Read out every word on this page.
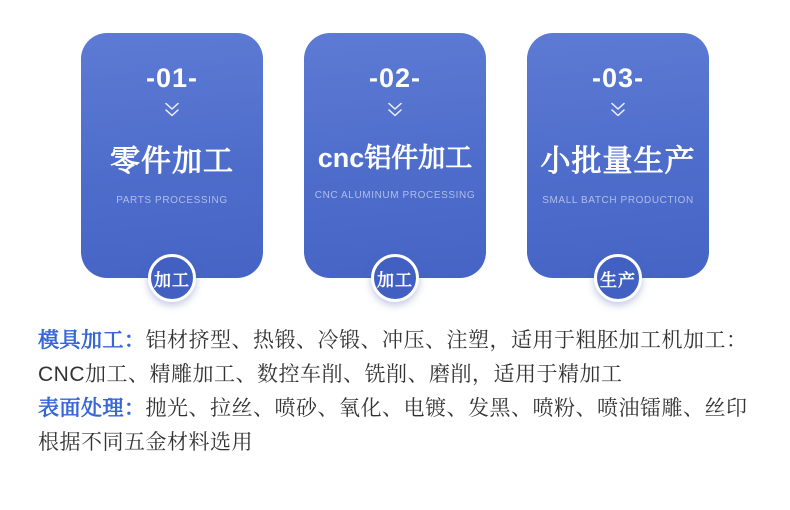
-01-
零件加工
PARTS PROCESSING
加工
-02-
cnc铝件加工
CNC ALUMINUM PROCESSING
加工
-03-
小批量生产
SMALL BATCH PRODUCTION
生产

模具加工：铝材挤型、热锻、冷锻、冲压、注塑，适用于粗胚加工机加工：
CNC加工、精雕加工、数控车削、铣削、磨削，适用于精加工

表面处理：抛光、拉丝、喷砂、氧化、电镀、发黑、喷粉、喷油镭雕、丝印
根据不同五金材料选用
